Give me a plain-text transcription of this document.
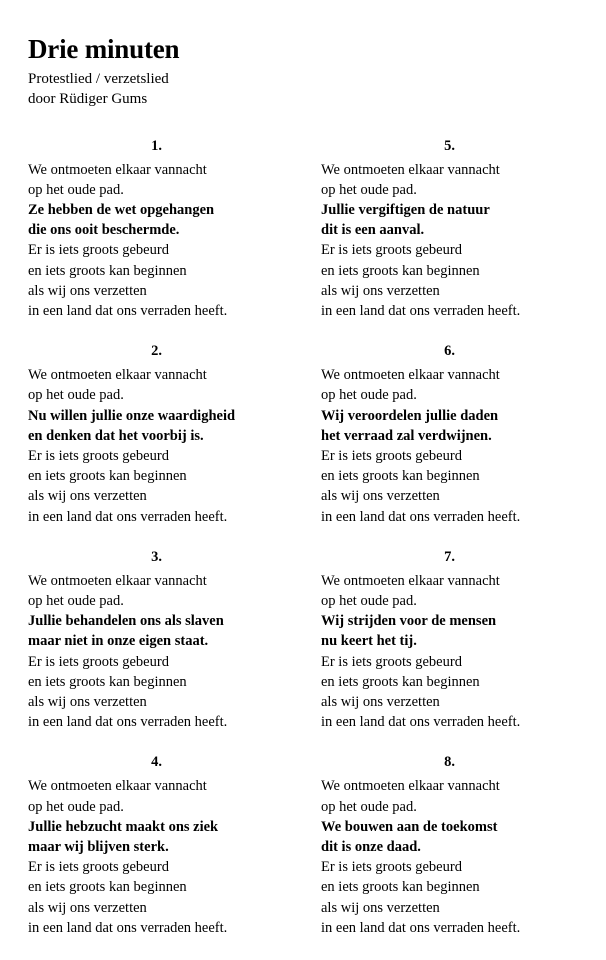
Drie minuten

Protestlied / verzetslied

door Rüdiger Gums

1.
We ontmoeten elkaar vannacht
op het oude pad.
Ze hebben de wet opgehangen
die ons ooit beschermde.
Er is iets groots gebeurd
en iets groots kan beginnen
als wij ons verzetten
in een land dat ons verraden heeft.
5.
We ontmoeten elkaar vannacht
op het oude pad.
Jullie vergiftigen de natuur
dit is een aanval.
Er is iets groots gebeurd
en iets groots kan beginnen
als wij ons verzetten
in een land dat ons verraden heeft.
2.
We ontmoeten elkaar vannacht
op het oude pad.
Nu willen jullie onze waardigheid
en denken dat het voorbij is.
Er is iets groots gebeurd
en iets groots kan beginnen
als wij ons verzetten
in een land dat ons verraden heeft.
6.
We ontmoeten elkaar vannacht
op het oude pad.
Wij veroordelen jullie daden
het verraad zal verdwijnen.
Er is iets groots gebeurd
en iets groots kan beginnen
als wij ons verzetten
in een land dat ons verraden heeft.
3.
We ontmoeten elkaar vannacht
op het oude pad.
Jullie behandelen ons als slaven
maar niet in onze eigen staat.
Er is iets groots gebeurd
en iets groots kan beginnen
als wij ons verzetten
in een land dat ons verraden heeft.
7.
We ontmoeten elkaar vannacht
op het oude pad.
Wij strijden voor de mensen
nu keert het tij.
Er is iets groots gebeurd
en iets groots kan beginnen
als wij ons verzetten
in een land dat ons verraden heeft.
4.
We ontmoeten elkaar vannacht
op het oude pad.
Jullie hebzucht maakt ons ziek
maar wij blijven sterk.
Er is iets groots gebeurd
en iets groots kan beginnen
als wij ons verzetten
in een land dat ons verraden heeft.
8.
We ontmoeten elkaar vannacht
op het oude pad.
We bouwen aan de toekomst
dit is onze daad.
Er is iets groots gebeurd
en iets groots kan beginnen
als wij ons verzetten
in een land dat ons verraden heeft.
